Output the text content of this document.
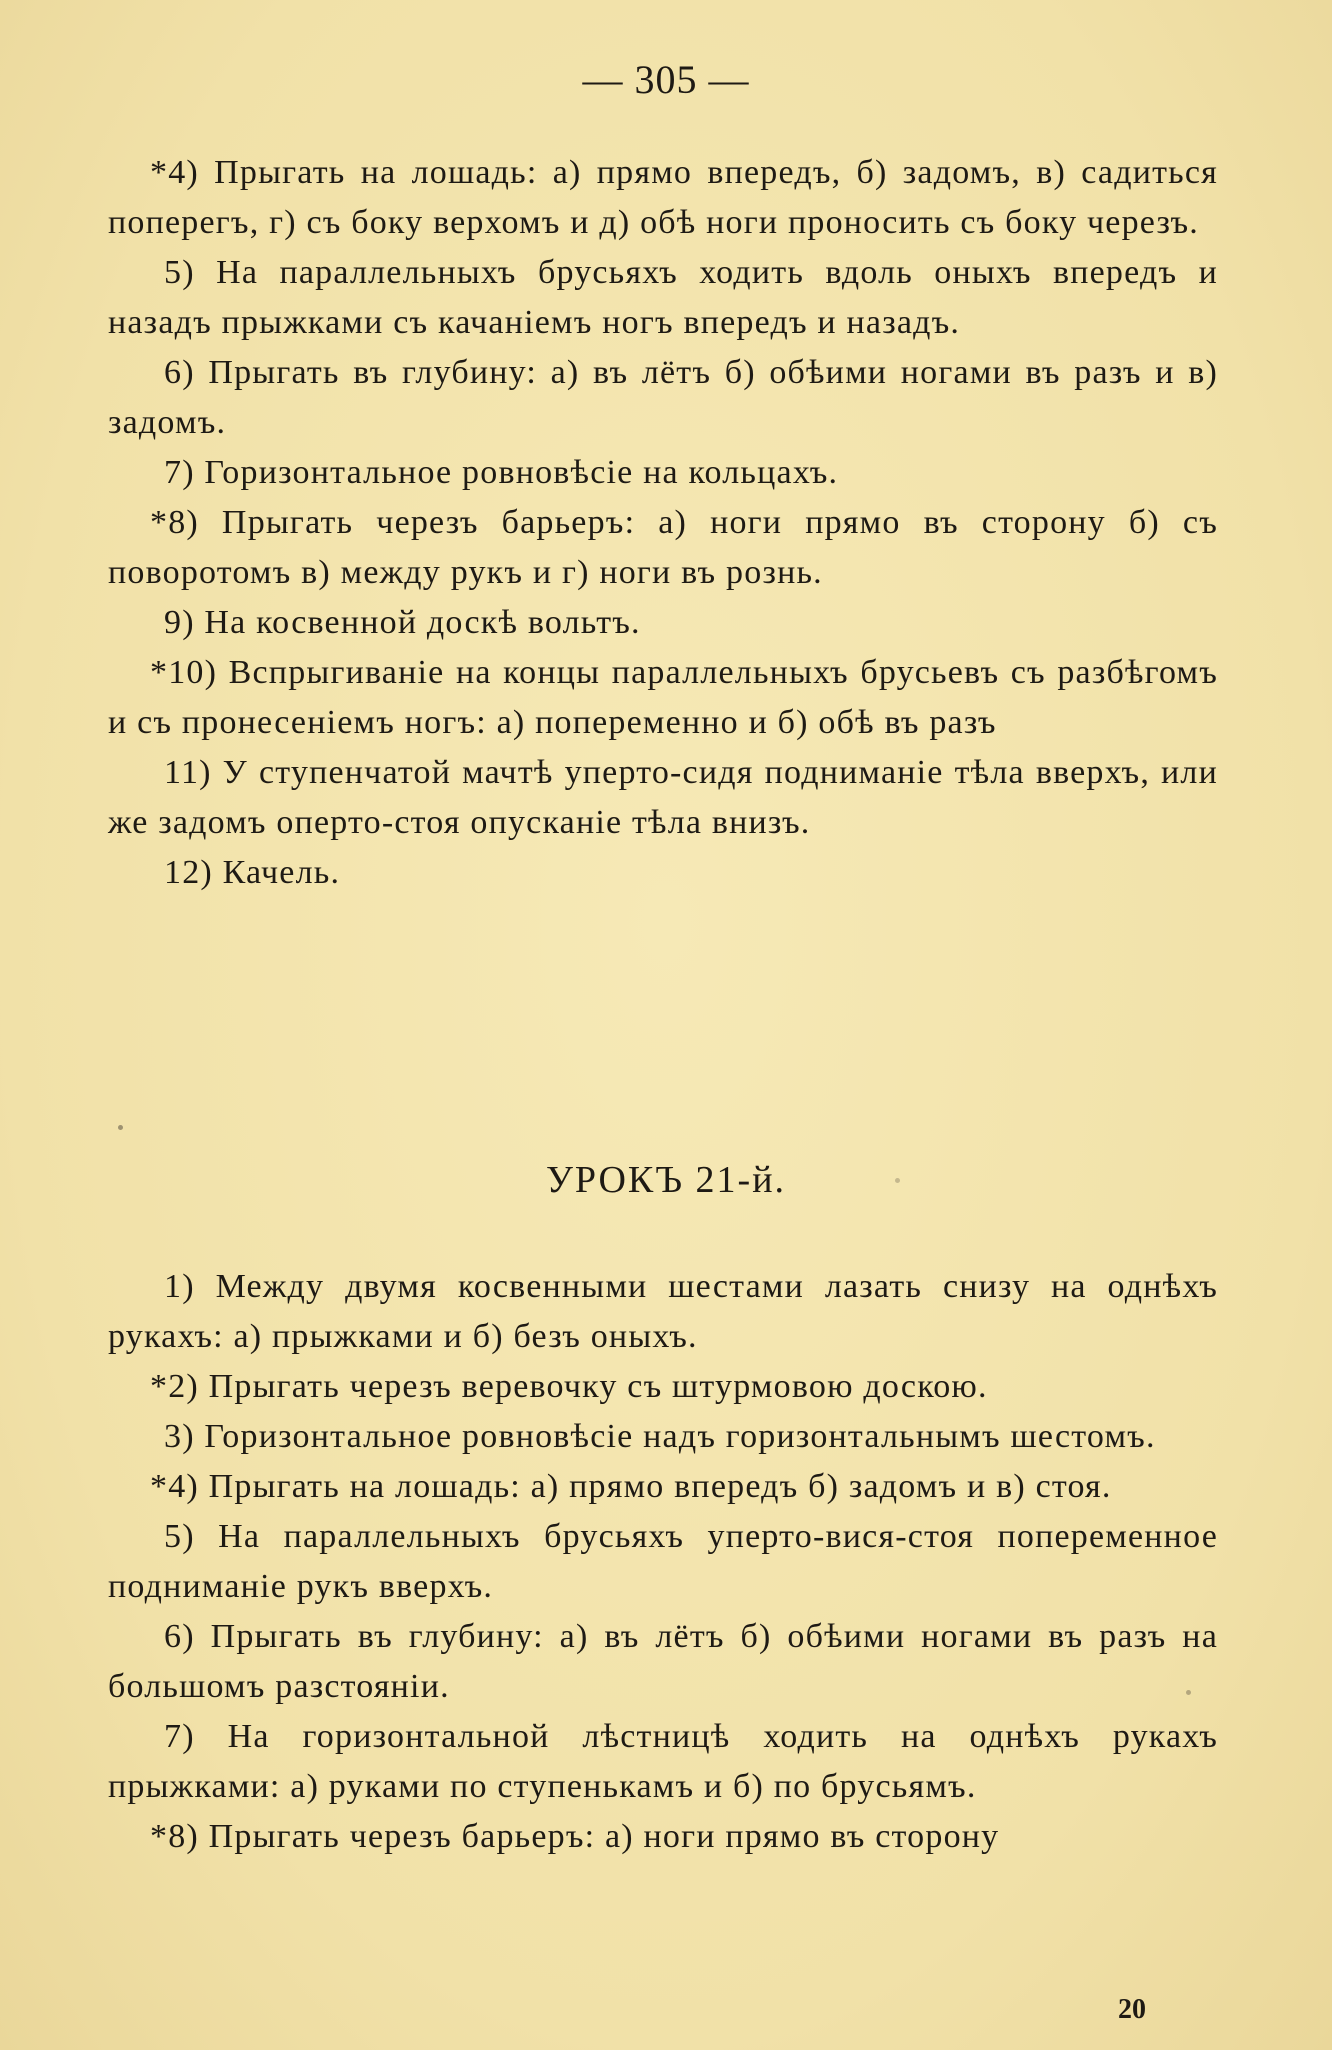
— 305 —

*4) Прыгать на лошадь: а) прямо впередъ, б) задомъ, в) садиться поперегъ, г) съ боку верхомъ и д) обѣ ноги проносить съ боку черезъ.

5) На параллельныхъ брусьяхъ ходить вдоль оныхъ впередъ и назадъ прыжками съ качаніемъ ногъ впередъ и назадъ.

6) Прыгать въ глубину: а) въ лётъ б) обѣими ногами въ разъ и в) задомъ.

7) Горизонтальное ровновѣсіе на кольцахъ.

*8) Прыгать черезъ барьеръ: а) ноги прямо въ сторону б) съ поворотомъ в) между рукъ и г) ноги въ рознь.

9) На косвенной доскѣ вольтъ.

*10) Вспрыгиваніе на концы параллельныхъ брусьевъ съ разбѣгомъ и съ пронесеніемъ ногъ: а) попеременно и б) обѣ въ разъ

11) У ступенчатой мачтѣ уперто-сидя подниманіе тѣла вверхъ, или же задомъ оперто-стоя опусканіе тѣла внизъ.

12) Качель.

УРОКЪ 21-й.

1) Между двумя косвенными шестами лазать снизу на однѣхъ рукахъ: а) прыжками и б) безъ оныхъ.

*2) Прыгать черезъ веревочку съ штурмовою доскою.

3) Горизонтальное ровновѣсіе надъ горизонтальнымъ шестомъ.

*4) Прыгать на лошадь: а) прямо впередъ б) задомъ и в) стоя.

5) На параллельныхъ брусьяхъ уперто-вися-стоя попеременное подниманіе рукъ вверхъ.

6) Прыгать въ глубину: а) въ лётъ б) обѣими ногами въ разъ на большомъ разстояніи.

7) На горизонтальной лѣстницѣ ходить на однѣхъ рукахъ прыжками: а) руками по ступенькамъ и б) по брусьямъ.

*8) Прыгать черезъ барьеръ: а) ноги прямо въ сторону

20
